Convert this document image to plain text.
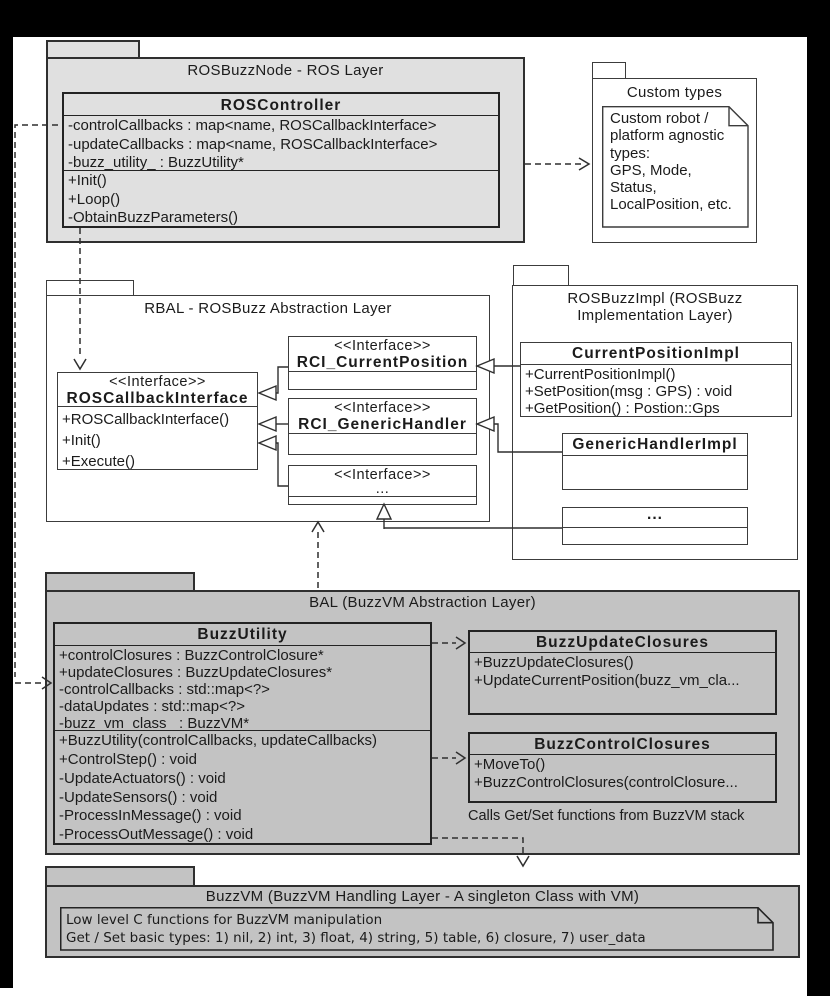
ROSBuzzNode - ROS Layer
ROSController
-controlCallbacks : map<name, ROSCallbackInterface>
-updateCallbacks : map<name, ROSCallbackInterface>
-buzz_utility_ : BuzzUtility*
+Init()
+Loop()
-ObtainBuzzParameters()
Custom types
Custom robot /
platform agnostic
types:
GPS, Mode,
Status,
LocalPosition, etc.
RBAL - ROSBuzz Abstraction Layer
<<Interface>>
ROSCallbackInterface
+ROSCallbackInterface()
+Init()
+Execute()
<<Interface>>
RCI_CurrentPosition
<<Interface>>
RCI_GenericHandler
<<Interface>>
...
ROSBuzzImpl (ROSBuzz
Implementation Layer)
CurrentPositionImpl
+CurrentPositionImpl()
+SetPosition(msg : GPS) : void
+GetPosition() : Postion::Gps
GenericHandlerImpl
...
BAL (BuzzVM Abstraction Layer)
BuzzUtility
+controlClosures : BuzzControlClosure*
+updateClosures : BuzzUpdateClosures*
-controlCallbacks : std::map<?>
-dataUpdates : std::map<?>
-buzz_vm_class_ : BuzzVM*
+BuzzUtility(controlCallbacks, updateCallbacks)
+ControlStep() : void
-UpdateActuators() : void
-UpdateSensors() : void
-ProcessInMessage() : void
-ProcessOutMessage() : void
BuzzUpdateClosures
+BuzzUpdateClosures()
+UpdateCurrentPosition(buzz_vm_cla...
BuzzControlClosures
+MoveTo()
+BuzzControlClosures(controlClosure...
Calls Get/Set functions from BuzzVM stack
BuzzVM (BuzzVM Handling Layer - A singleton Class with VM)
Low level C functions for BuzzVM manipulation
Get / Set basic types: 1) nil, 2) int, 3) float, 4) string, 5) table, 6) closure, 7) user_data
